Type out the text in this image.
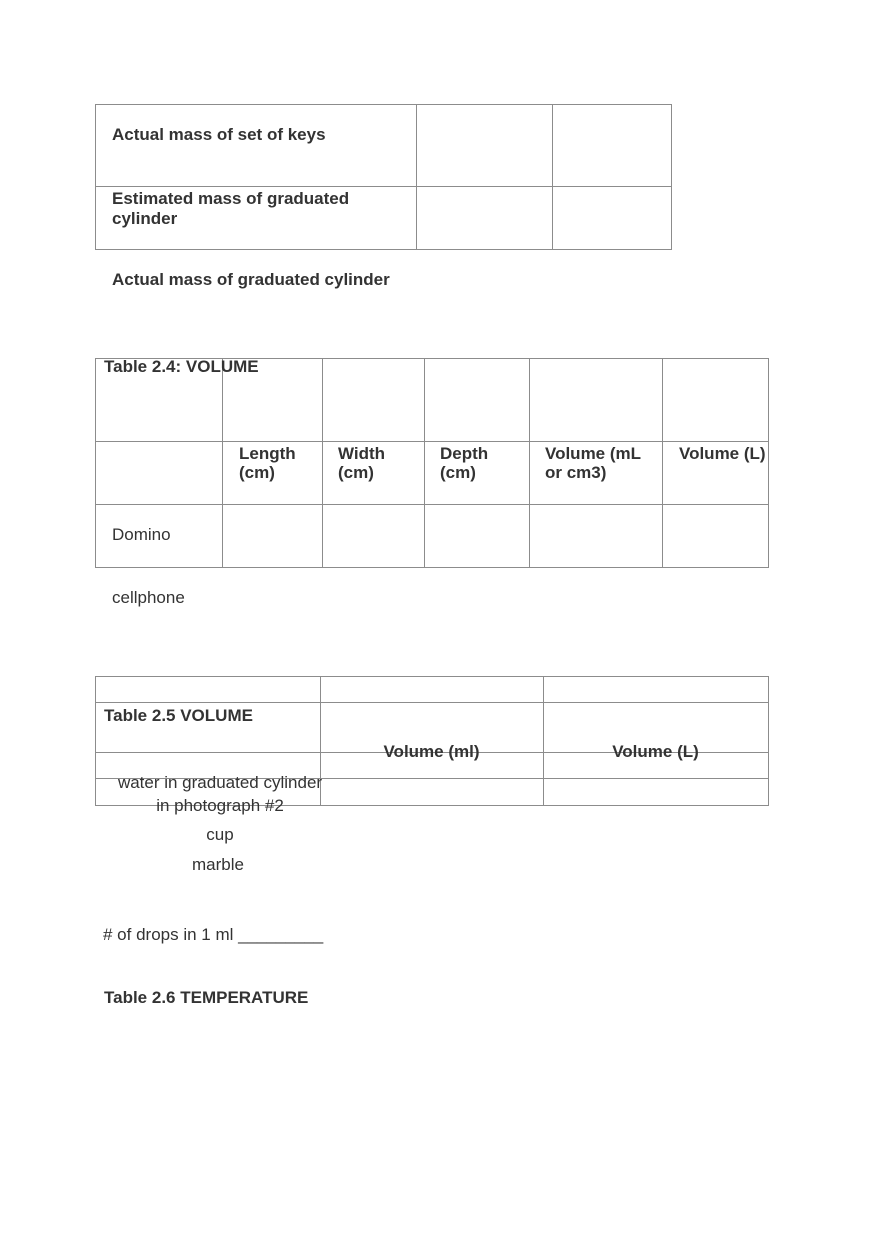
Actual mass of set of keys
Estimated mass of graduated
cylinder
Actual mass of graduated cylinder
Table 2.4: VOLUME
Length
(cm)
Width
(cm)
Depth
(cm)
Volume (mL
or cm3)
Volume (L)
Domino
cellphone
Table 2.5 VOLUME
Volume (ml)	Volume (L)
water in graduated cylinder
in photograph #2
cup
marble
# of drops in 1 ml _________
Table 2.6 TEMPERATURE
